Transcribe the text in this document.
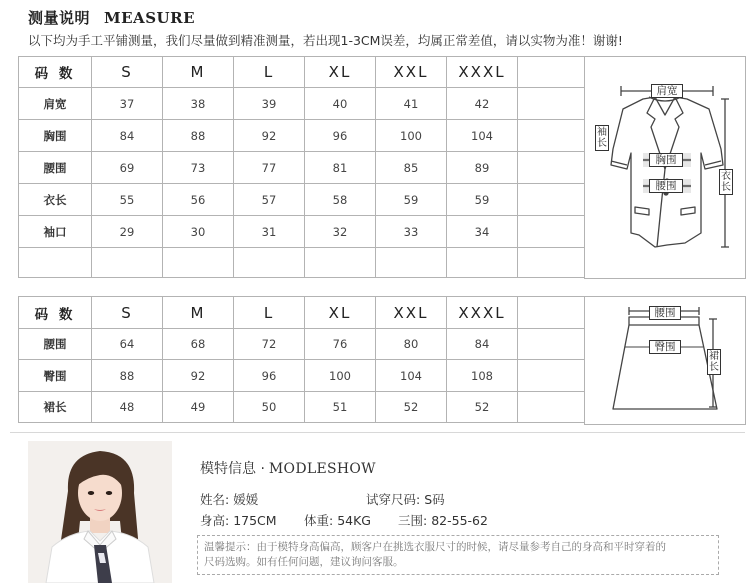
测量说明 MEASURE
以下均为手工平铺测量，我们尽量做到精准测量，若出现1-3CM误差，均属正常差值，请以实物为准！谢谢!
码 数	S	M	L	XL	XXL	XXXL	
肩宽	37	38	39	40	41	42	
胸围	84	88	92	96	100	104	
腰围	69	73	77	81	85	89	
衣长	55	56	57	58	59	59	
袖口	29	30	31	32	33	34	

肩宽
袖长
胸围
腰围
衣长
码 数	S	M	L	XL	XXL	XXXL	
腰围	64	68	72	76	80	84	
臀围	88	92	96	100	104	108	
裙长	48	49	50	51	52	52	
腰围
臀围
裙长
模特信息 · MODLESHOW
姓名: 媛媛	试穿尺码: S码
身高: 175CM 体重: 54KG 三围: 82-55-62
温馨提示：由于模特身高偏高，顾客户在挑选衣服尺寸的时候，请尽量参考自己的身高和平时穿着的
尺码选购。如有任何问题，建议询问客服。
